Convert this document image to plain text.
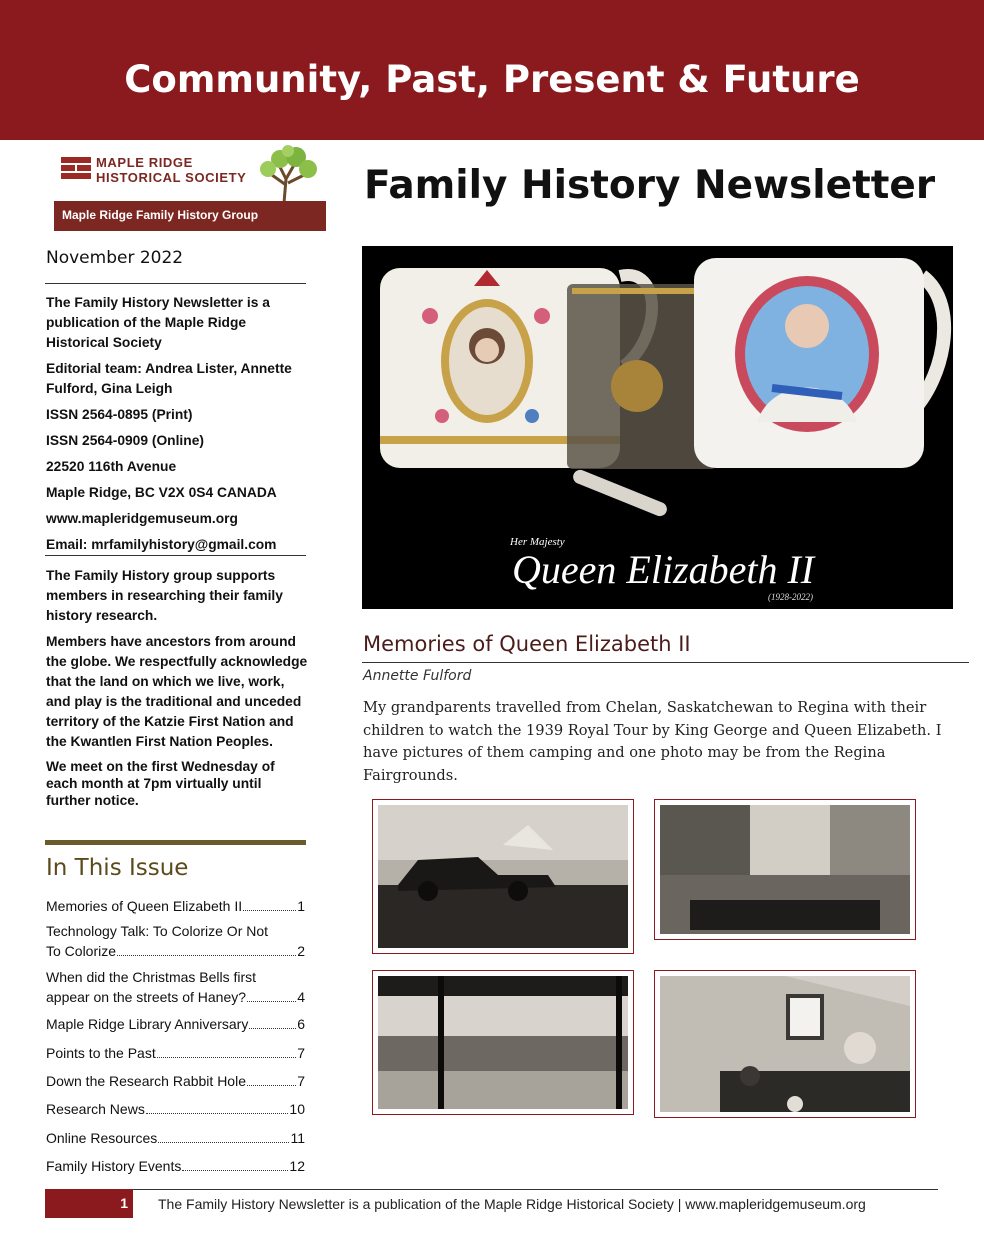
Community, Past, Present & Future
MAPLE RIDGE
HISTORICAL SOCIETY
Maple Ridge Family History Group
November 2022

The Family History Newsletter is a publication of the Maple Ridge Historical Society

Editorial team: Andrea Lister, Annette Fulford, Gina Leigh

ISSN 2564-0895 (Print)

ISSN 2564-0909 (Online)

22520 116th Avenue

Maple Ridge, BC V2X 0S4 CANADA

www.mapleridgemuseum.org

Email: mrfamilyhistory@gmail.com

The Family History group supports members in researching their family history research.

Members have ancestors from around the globe. We respectfully acknowledge that the land on which we live, work, and play is the traditional and unceded territory of the Katzie First Nation and the Kwantlen First Nation Peoples.

We meet on the first Wednesday of each month at 7pm virtually until further notice.

In This Issue
Memories of Queen Elizabeth II	1
Technology Talk: To Colorize Or Not
To Colorize	2
When did the Christmas Bells first
appear on the streets of Haney?	4
Maple Ridge Library Anniversary	6
Points to the Past	7
Down the Research Rabbit Hole	7
Research News	10
Online Resources	11
Family History Events	12
Family History Newsletter
Her Majesty
Queen Elizabeth II
(1928-2022)
Memories of Queen Elizabeth II
Annette Fulford
My grandparents travelled from Chelan, Saskatchewan to Regina with their children to watch the 1939 Royal Tour by King George and Queen Elizabeth. I have pictures of them camping and one photo may be from the Regina Fairgrounds.
1 The Family History Newsletter is a publication of the Maple Ridge Historical Society | www.mapleridgemuseum.org
